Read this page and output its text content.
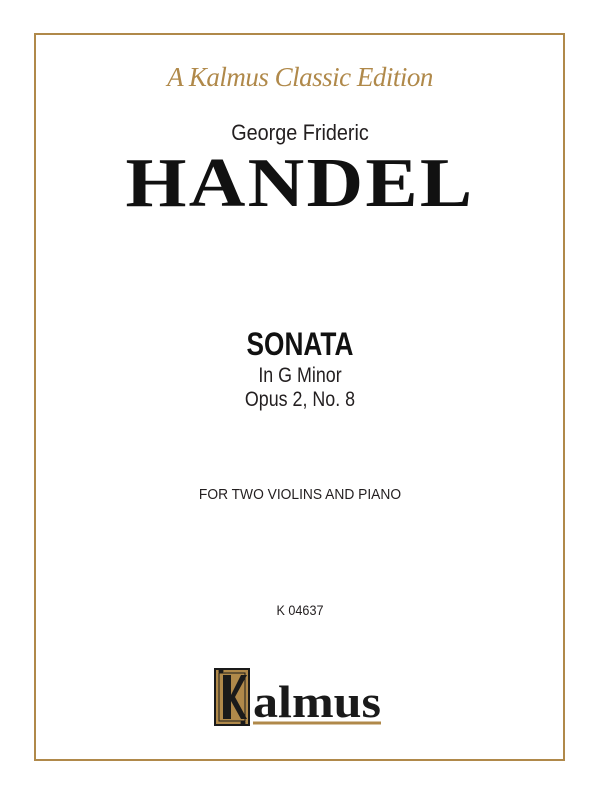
A Kalmus Classic Edition
George Frideric
HANDEL
SONATA
In G Minor
Opus 2, No. 8
FOR TWO VIOLINS AND PIANO
K 04637
almus
